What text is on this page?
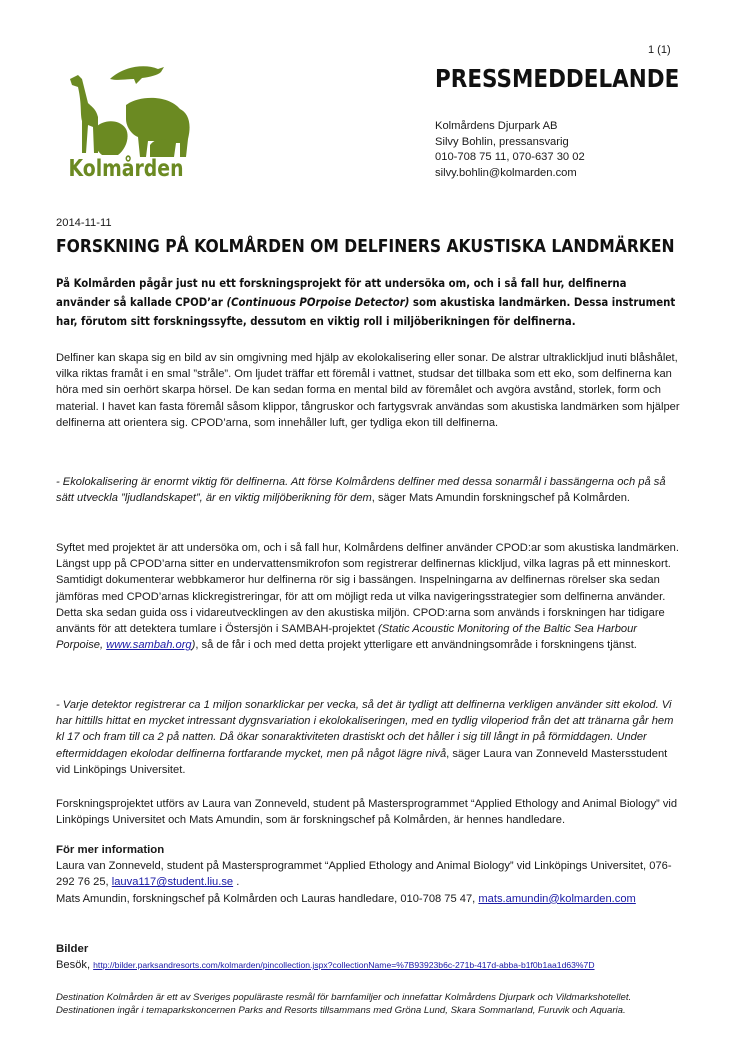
1 (1)
PRESSMEDDELANDE
Kolmårdens Djurpark AB
Silvy Bohlin, pressansvarig
010-708 75 11, 070-637 30 02
silvy.bohlin@kolmarden.com
Kolmården
2014-11-11
FORSKNING PÅ KOLMÅRDEN OM DELFINERS AKUSTISKA LANDMÄRKEN
På Kolmården pågår just nu ett forskningsprojekt för att undersöka om, och i så fall hur, delfinerna använder så kallade CPOD’ar (Continuous POrpoise Detector) som akustiska landmärken. Dessa instrument har, förutom sitt forskningssyfte, dessutom en viktig roll i miljöberikningen för delfinerna.

Delfiner kan skapa sig en bild av sin omgivning med hjälp av ekolokalisering eller sonar. De alstrar ultraklickljud inuti blåshålet, vilka riktas framåt i en smal ”stråle”. Om ljudet träffar ett föremål i vattnet, studsar det tillbaka som ett eko, som delfinerna kan höra med sin oerhört skarpa hörsel. De kan sedan forma en mental bild av föremålet och avgöra avstånd, storlek, form och material. I havet kan fasta föremål såsom klippor, tångruskor och fartygsvrak användas som akustiska landmärken som hjälper delfinerna att orientera sig. CPOD’arna, som innehåller luft, ger tydliga ekon till delfinerna.

- Ekolokalisering är enormt viktig för delfinerna. Att förse Kolmårdens delfiner med dessa sonarmål i bassängerna och på så sätt utveckla ”ljudlandskapet”, är en viktig miljöberikning för dem, säger Mats Amundin forskningschef på Kolmården.

Syftet med projektet är att undersöka om, och i så fall hur, Kolmårdens delfiner använder CPOD:ar som akustiska landmärken. Längst upp på CPOD’arna sitter en undervattensmikrofon som registrerar delfinernas klickljud, vilka lagras på ett minneskort. Samtidigt dokumenterar webbkameror hur delfinerna rör sig i bassängen. Inspelningarna av delfinernas rörelser ska sedan jämföras med CPOD’arnas klickregistreringar, för att om möjligt reda ut vilka navigeringsstrategier som delfinerna använder. Detta ska sedan guida oss i vidareutvecklingen av den akustiska miljön. CPOD:arna som används i forskningen har tidigare använts för att detektera tumlare i Östersjön i SAMBAH-projektet (Static Acoustic Monitoring of the Baltic Sea Harbour Porpoise, www.sambah.org), så de får i och med detta projekt ytterligare ett användningsområde i forskningens tjänst.

- Varje detektor registrerar ca 1 miljon sonarklickar per vecka, så det är tydligt att delfinerna verkligen använder sitt ekolod. Vi har hittills hittat en mycket intressant dygnsvariation i ekolokaliseringen, med en tydlig viloperiod från det att tränarna går hem kl 17 och fram till ca 2 på natten. Då ökar sonaraktiviteten drastiskt och det håller i sig till långt in på förmiddagen. Under eftermiddagen ekolodar delfinerna fortfarande mycket, men på något lägre nivå, säger Laura van Zonneveld Mastersstudent vid Linköpings Universitet.

Forskningsprojektet utförs av Laura van Zonneveld, student på Mastersprogrammet “Applied Ethology and Animal Biology” vid Linköpings Universitet och Mats Amundin, som är forskningschef på Kolmården, är hennes handledare.

För mer information

Laura van Zonneveld, student på Mastersprogrammet “Applied Ethology and Animal Biology” vid Linköpings Universitet, 076-292 76 25, lauva117@student.liu.se .

Mats Amundin, forskningschef på Kolmården och Lauras handledare, 010-708 75 47, mats.amundin@kolmarden.com

Bilder

Besök, http://bilder.parksandresorts.com/kolmarden/pincollection.jspx?collectionName=%7B93923b6c-271b-417d-abba-b1f0b1aa1d63%7D

Destination Kolmården är ett av Sveriges populäraste resmål för barnfamiljer och innefattar Kolmårdens Djurpark och Vildmarkshotellet. Destinationen ingår i temaparkskoncernen Parks and Resorts tillsammans med Gröna Lund, Skara Sommarland, Furuvik och Aquaria.
